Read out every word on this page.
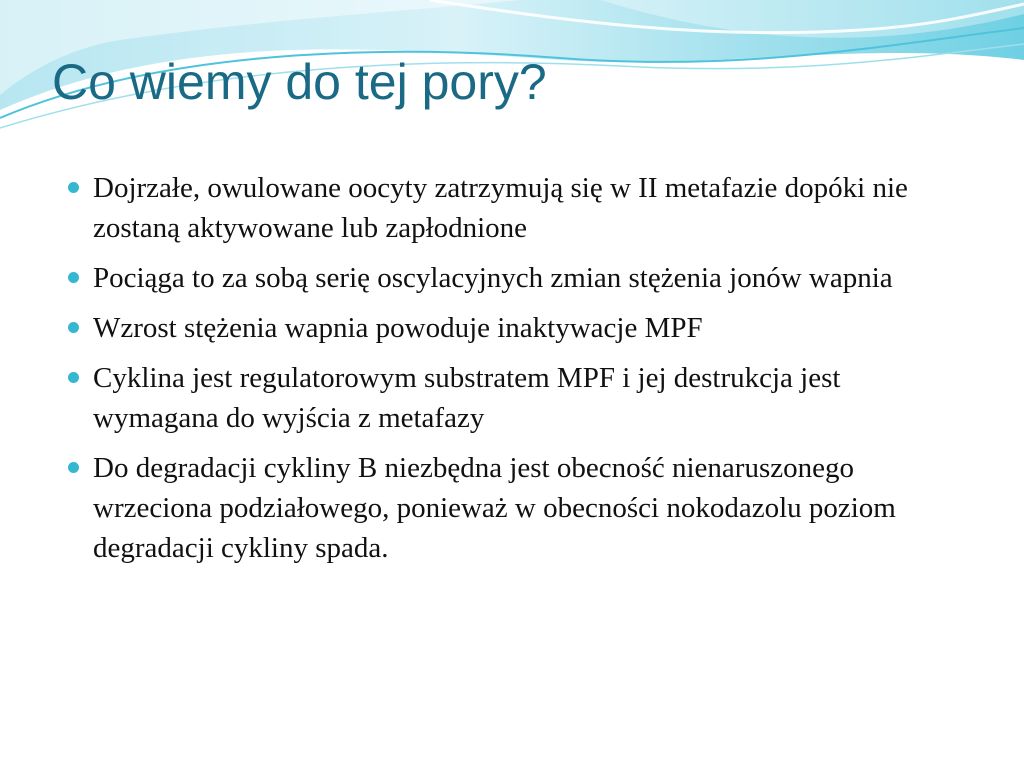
Co wiemy do tej pory?
Dojrzałe, owulowane oocyty zatrzymują się w II metafazie dopóki nie zostaną aktywowane lub zapłodnione
Pociąga to za sobą serię oscylacyjnych zmian stężenia jonów wapnia
Wzrost stężenia wapnia powoduje inaktywacje MPF
Cyklina jest regulatorowym substratem MPF i jej destrukcja jest wymagana do wyjścia z metafazy
Do degradacji cykliny B niezbędna jest obecność nienaruszonego wrzeciona podziałowego, ponieważ w obecności nokodazolu poziom degradacji cykliny spada.
